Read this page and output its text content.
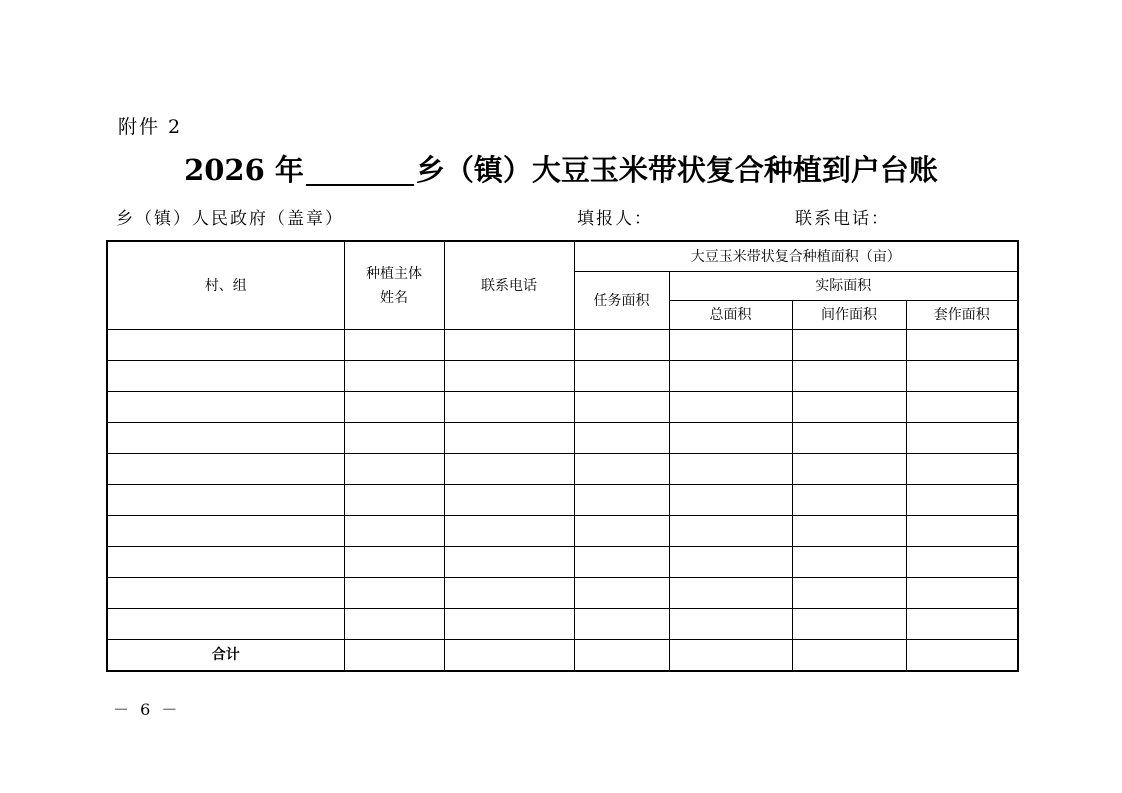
附件 2
2026 年	乡（镇）大豆玉米带状复合种植到户台账
乡（镇）人民政府（盖章）	填报人：	联系电话：
村、组	种植主体姓名	联系电话	大豆玉米带状复合种植面积（亩）			
			任务面积	实际面积		
				总面积	间作面积	套作面积

合计						
－ 6 －
